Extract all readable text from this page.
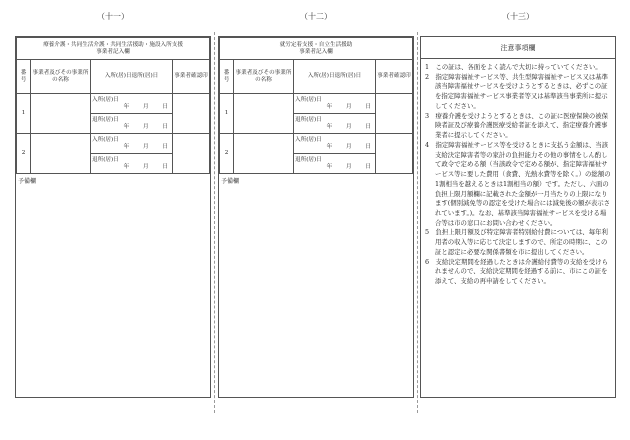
（十一）	（十二）	（十三）
療養介護・共同生活介護・共同生活援助・施設入所支援
事業者記入欄			
番号	事業者及びその事業所の名称	入所(居)日退所(居)日	事業者確認印
1		入所(居)日
年 月 日	

		退所(居)日
年 月 日	

2		入所(居)日
年 月 日	

		退所(居)日
年 月 日	
予備欄
就労定着支援・自立生活援助
事業者記入欄			
番号	事業者及びその事業所の名称	入所(居)日退所(居)日	事業者確認印
1		入所(居)日
年 月 日	

		退所(居)日
年 月 日	

2		入所(居)日
年 月 日	

		退所(居)日
年 月 日	
予備欄
注意事項欄
1　この証は、各面をよく読んで大切に持っていてください。
2　指定障害福祉サービス等、共生型障害福祉サービス又は基準該当障害福祉サービスを受けようとするときは、必ずこの証を指定障害福祉サービス事業者等又は基準該当事業所に提示してください。
3　療養介護を受けようとするときは、この証に医療保険の被保険者証及び療養介護医療受給者証を添えて、指定療養介護事業者に提示してください。
4　指定障害福祉サービス等を受けるときに支払う金額は、当該支給決定障害者等の家計の負担能力その他の事情をしん酌して政令で定める額（当該政令で定める額が、指定障害福祉サービス等に要した費用（食費、光熱水費等を除く。）の総額の1割相当を越えるときは1割相当の額）です。ただし、六面の負担上限月額欄に記載された金額が一月当たりの上限になります(個別減免等の認定を受けた場合には減免後の額が表示されています。)。なお、基準該当障害福祉サービスを受ける場合等は市の窓口にお問い合わせください。
5　負担上限月額及び特定障害者特別給付費については、毎年利用者の収入等に応じて決定しますので、所定の時期に、この証と認定に必要な関係書類を市に提出してください。
6　支給決定期間を経過したときは介護給付費等の支給を受けられませんので、支給決定期間を経過する前に、市にこの証を添えて、支給の再申請をしてください。
